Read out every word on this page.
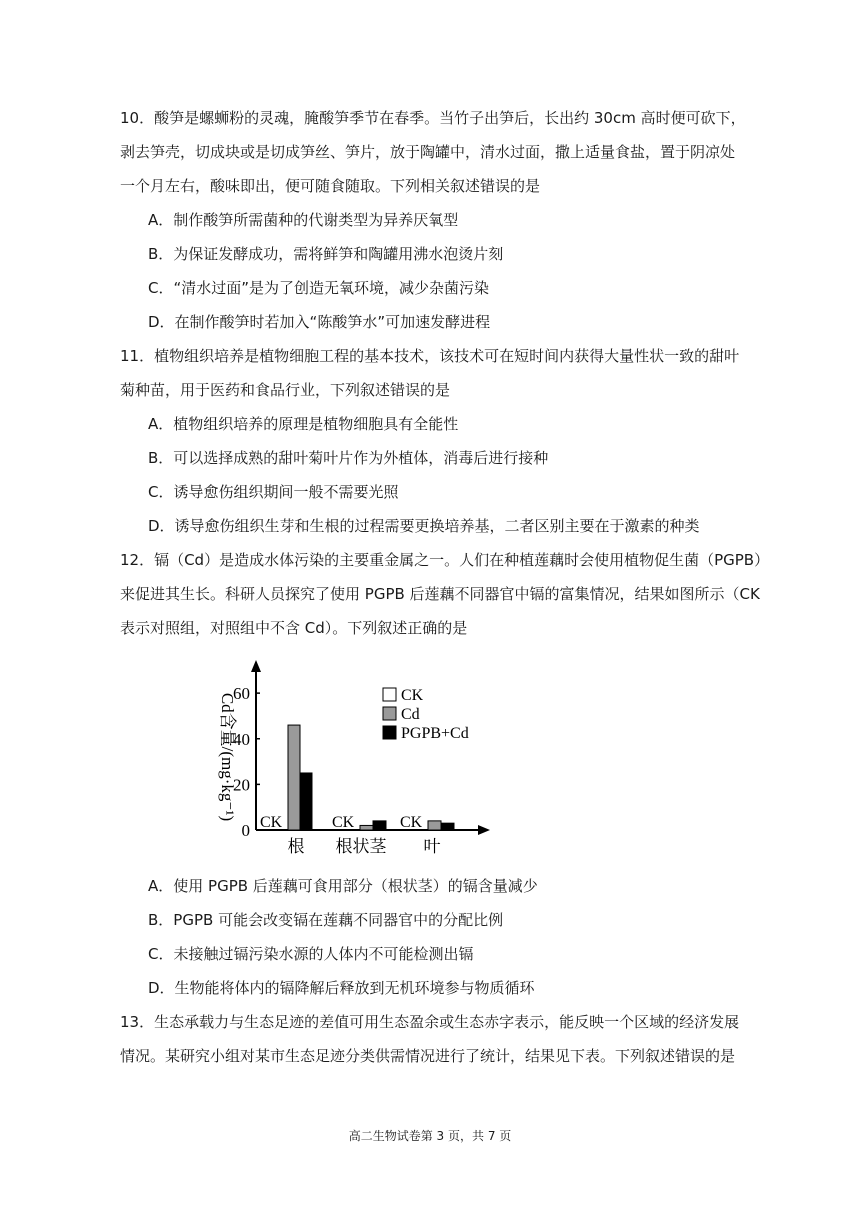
10．酸笋是螺蛳粉的灵魂，腌酸笋季节在春季。当竹子出笋后，长出约 30cm 高时便可砍下，
剥去笋壳，切成块或是切成笋丝、笋片，放于陶罐中，清水过面，撒上适量食盐，置于阴凉处
一个月左右，酸味即出，便可随食随取。下列相关叙述错误的是
A．制作酸笋所需菌种的代谢类型为异养厌氧型
B．为保证发酵成功，需将鲜笋和陶罐用沸水泡烫片刻
C．“清水过面”是为了创造无氧环境，减少杂菌污染
D．在制作酸笋时若加入“陈酸笋水”可加速发酵进程
11．植物组织培养是植物细胞工程的基本技术，该技术可在短时间内获得大量性状一致的甜叶
菊种苗，用于医药和食品行业，下列叙述错误的是
A．植物组织培养的原理是植物细胞具有全能性
B．可以选择成熟的甜叶菊叶片作为外植体，消毒后进行接种
C．诱导愈伤组织期间一般不需要光照
D．诱导愈伤组织生芽和生根的过程需要更换培养基，二者区别主要在于激素的种类
12．镉（Cd）是造成水体污染的主要重金属之一。人们在种植莲藕时会使用植物促生菌（PGPB）
来促进其生长。科研人员探究了使用 PGPB 后莲藕不同器官中镉的富集情况，结果如图所示（CK
表示对照组，对照组中不含 Cd）。下列叙述正确的是
0
20
40
60
CK
根
CK
根状茎
CK
叶
CK
Cd
PGPB+Cd
Cd含量/(mg·kg⁻¹)
A．使用 PGPB 后莲藕可食用部分（根状茎）的镉含量减少
B．PGPB 可能会改变镉在莲藕不同器官中的分配比例
C．未接触过镉污染水源的人体内不可能检测出镉
D．生物能将体内的镉降解后释放到无机环境参与物质循环
13．生态承载力与生态足迹的差值可用生态盈余或生态赤字表示，能反映一个区域的经济发展
情况。某研究小组对某市生态足迹分类供需情况进行了统计，结果见下表。下列叙述错误的是
高二生物试卷第 3 页，共 7 页
